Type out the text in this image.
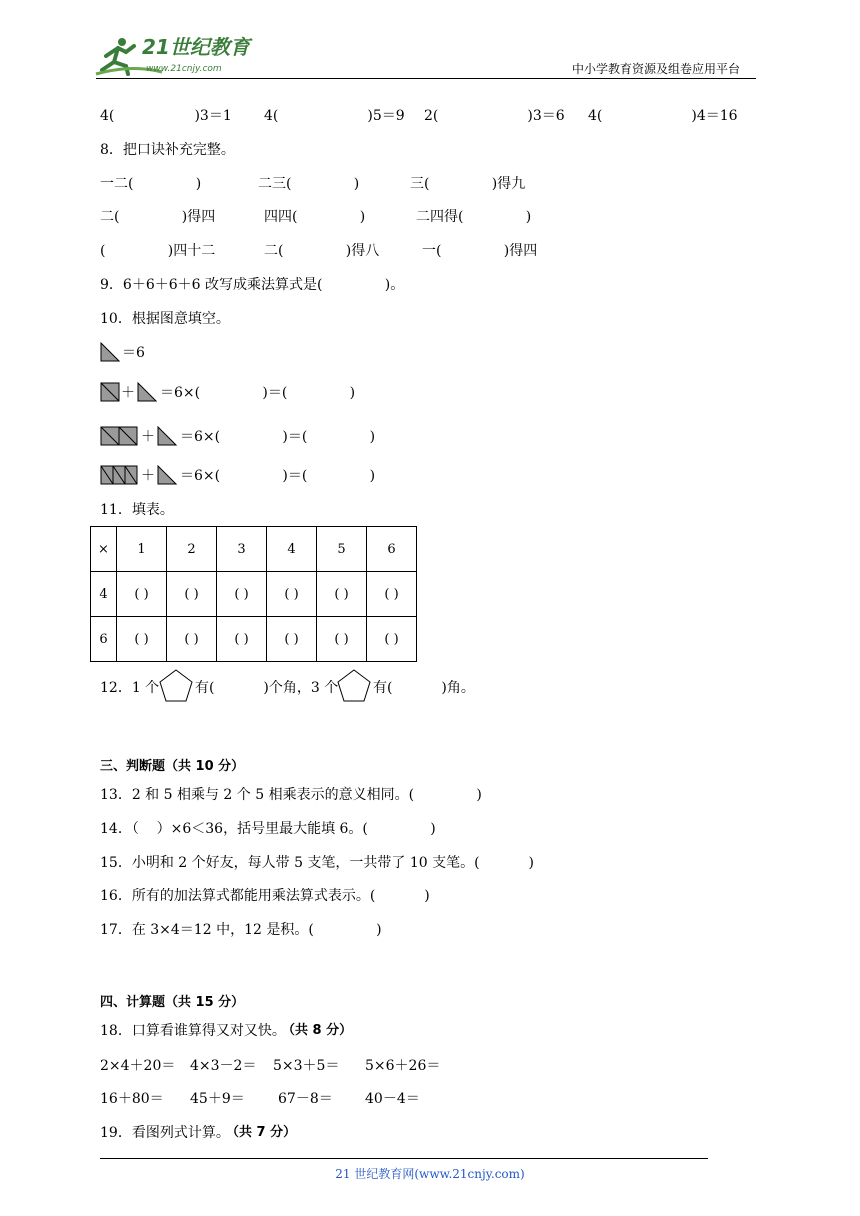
21世纪教育
www.21cnjy.com	中小学教育资源及组卷应用平台
4(                  )3＝1 4(                    )5＝9 2(                    )3＝6 4(                    )4＝16
8．把口诀补充完整。
一二(              )	二三(              )	三(              )得九
二(              )得四	四四(              )	二四得(              )
(              )四十二	二(              )得八	一(              )得四
9．6＋6＋6＋6 改写成乘法算式是(              )。
10．根据图意填空。
＝6
＋ ＝6×(              )＝(              )
＋ ＝6×(              )＝(              )
＋ ＝6×(              )＝(              )
11．填表。
×	1	2	3	4	5	6
4	( )	( )	( )	( )	( )	( )
6	( )	( )	( )	( )	( )	( )
12．1 个	有(           )个角，3 个 有(           )角。
三、判断题（共 10 分）
13．2 和 5 相乘与 2 个 5 相乘表示的意义相同。(              )
14．（    ）×6＜36，括号里最大能填 6。(              )
15．小明和 2 个好友，每人带 5 支笔，一共带了 10 支笔。(           )
16．所有的加法算式都能用乘法算式表示。(           )
17．在 3×4＝12 中，12 是积。(              )
四、计算题（共 15 分）
18．口算看谁算得又对又快。
（共 8 分）
2×4＋20＝ 4×3－2＝ 5×3＋5＝ 5×6＋26＝
16＋80＝ 45＋9＝ 67－8＝ 40－4＝
19．看图列式计算。
（共 7 分）
21 世纪教育网(www.21cnjy.com)
